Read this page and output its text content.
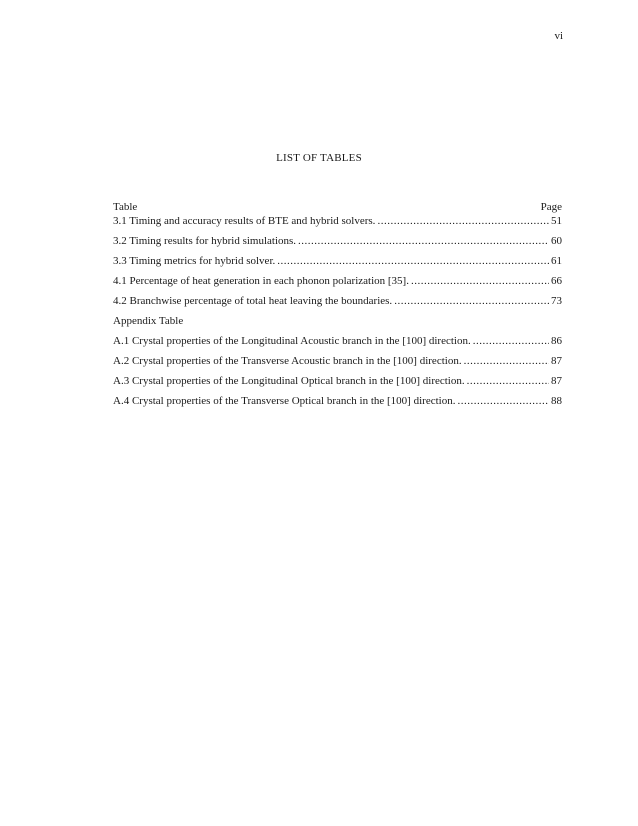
vi
LIST OF TABLES
Table	Page
3.1 Timing and accuracy results of BTE and hybrid solvers. .....	51
3.2 Timing results for hybrid simulations. .....	60
3.3 Timing metrics for hybrid solver. .....	61
4.1 Percentage of heat generation in each phonon polarization [35]. .....	66
4.2 Branchwise percentage of total heat leaving the boundaries. .....	73
Appendix Table
A.1 Crystal properties of the Longitudinal Acoustic branch in the [100] direction. .....	86
A.2 Crystal properties of the Transverse Acoustic branch in the [100] direction. .....	87
A.3 Crystal properties of the Longitudinal Optical branch in the [100] direction. .....	87
A.4 Crystal properties of the Transverse Optical branch in the [100] direction. .....	88
